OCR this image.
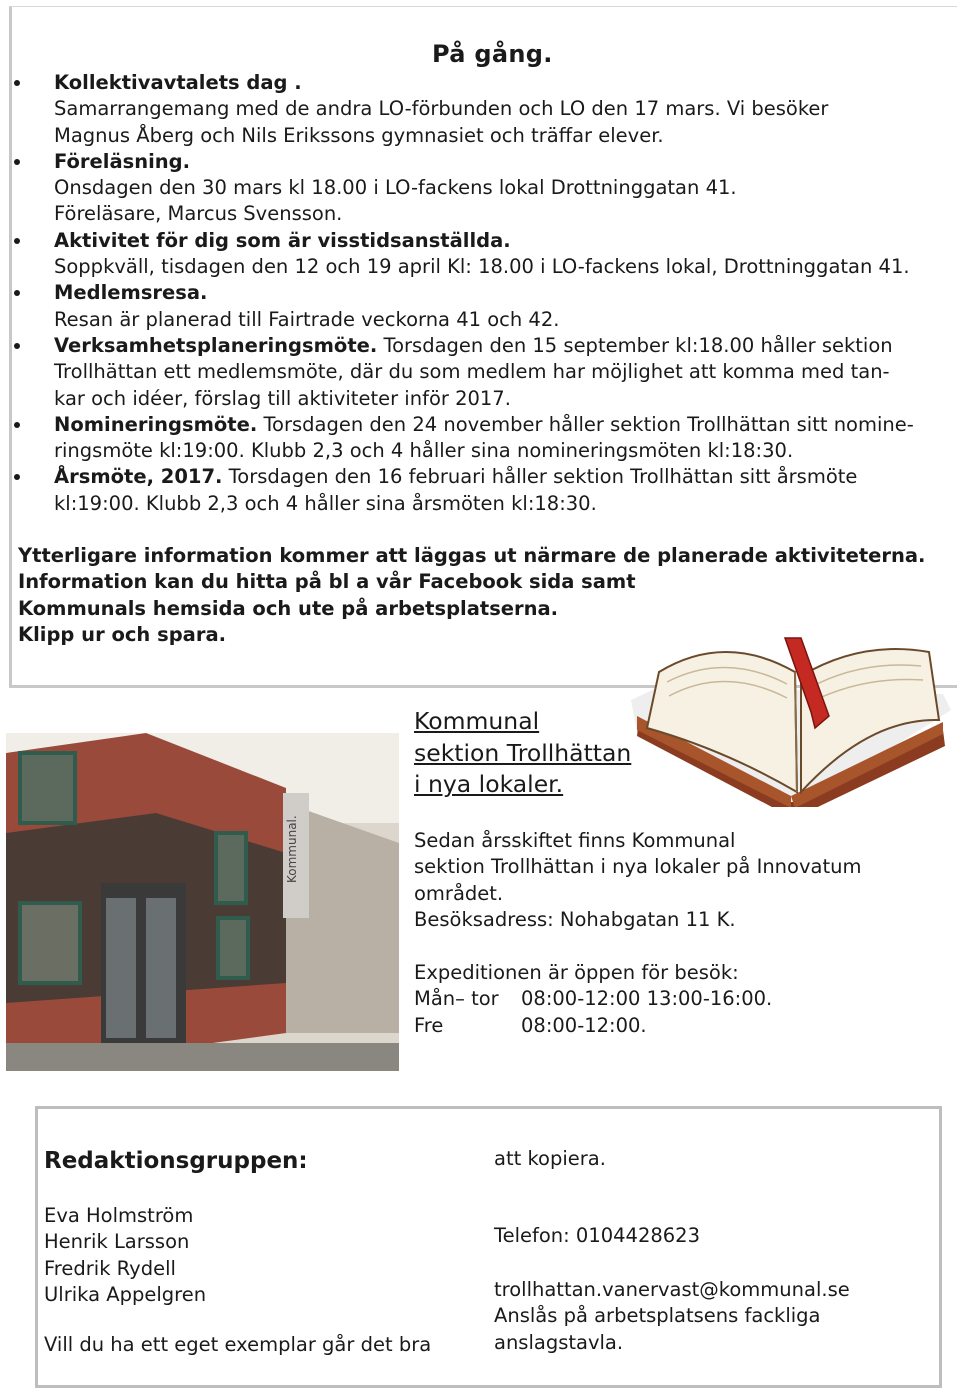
På gång.
Kollektivavtalets dag .
Samarrangemang med de andra LO-förbunden och LO den 17 mars. Vi besöker
Magnus Åberg och Nils Erikssons gymnasiet och träffar elever.
Föreläsning.
Onsdagen den 30 mars kl 18.00 i LO-fackens lokal Drottninggatan 41.
Föreläsare, Marcus Svensson.
Aktivitet för dig som är visstidsanställda.
Soppkväll, tisdagen den 12 och 19 april Kl: 18.00 i LO-fackens lokal, Drottninggatan 41.
Medlemsresa.
Resan är planerad till Fairtrade veckorna 41 och 42.
Verksamhetsplaneringsmöte. Torsdagen den 15 september kl:18.00 håller sektion
Trollhättan ett medlemsmöte, där du som medlem har möjlighet att komma med tan-
kar och idéer, förslag till aktiviteter inför 2017.
Nomineringsmöte. Torsdagen den 24 november håller sektion Trollhättan sitt nomine-
ringsmöte kl:19:00. Klubb 2,3 och 4 håller sina nomineringsmöten kl:18:30.
Årsmöte, 2017. Torsdagen den 16 februari håller sektion Trollhättan sitt årsmöte
kl:19:00. Klubb 2,3 och 4 håller sina årsmöten kl:18:30.
Ytterligare information kommer att läggas ut närmare de planerade aktiviteterna.
Information kan du hitta på bl a vår Facebook sida samt
Kommunals hemsida och ute på arbetsplatserna.
Klipp ur och spara.
Kommunal.
Kommunal
sektion Trollhättan
i nya lokaler.
Sedan årsskiftet finns Kommunal
sektion Trollhättan i nya lokaler på Innovatum
området.
Besöksadress: Nohabgatan 11 K.
Expeditionen är öppen för besök:
Mån– tor 08:00-12:00 13:00-16:00.
Fre	08:00-12:00.
Redaktionsgruppen:
Eva Holmström
Henrik Larsson
Fredrik Rydell
Ulrika Appelgren
Vill du ha ett eget exemplar går det bra
att kopiera.
Telefon: 0104428623
trollhattan.vanervast@kommunal.se
Anslås på arbetsplatsens fackliga
anslagstavla.
